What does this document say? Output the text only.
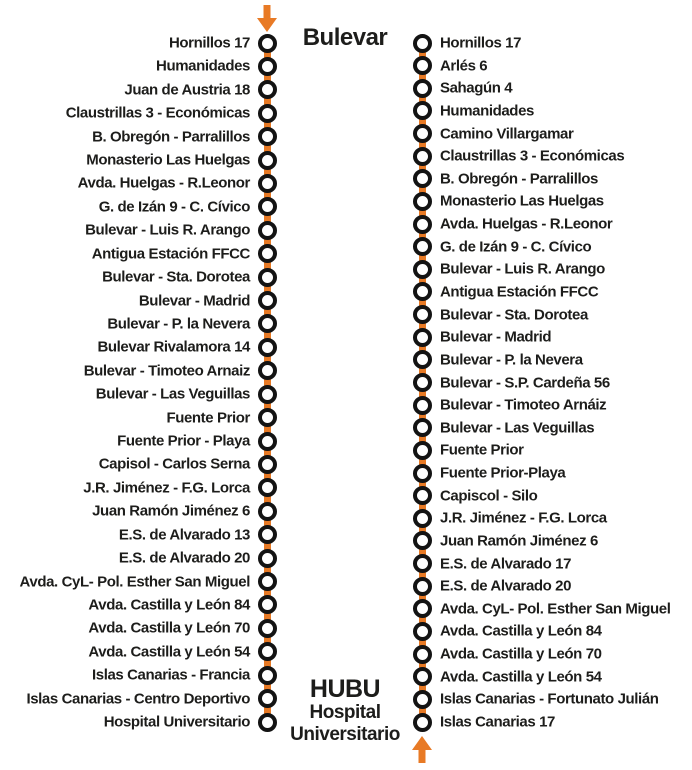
Bulevar
HUBU
Hospital
Universitario
Hornillos 17
Humanidades
Juan de Austria 18
Claustrillas 3 - Económicas
B. Obregón - Parralillos
Monasterio Las Huelgas
Avda. Huelgas - R.Leonor
G. de Izán 9 - C. Cívico
Bulevar - Luis R. Arango
Antigua Estación FFCC
Bulevar - Sta. Dorotea
Bulevar - Madrid
Bulevar - P. la Nevera
Bulevar Rivalamora 14
Bulevar - Timoteo Arnaiz
Bulevar - Las Veguillas
Fuente Prior
Fuente Prior - Playa
Capisol - Carlos Serna
J.R. Jiménez - F.G. Lorca
Juan Ramón Jiménez 6
E.S. de Alvarado 13
E.S. de Alvarado 20
Avda. CyL- Pol. Esther San Miguel
Avda. Castilla y León 84
Avda. Castilla y León 70
Avda. Castilla y León 54
Islas Canarias - Francia
Islas Canarias - Centro Deportivo
Hospital Universitario
Hornillos 17
Arlés 6
Sahagún 4
Humanidades
Camino Villargamar
Claustrillas 3 - Económicas
B. Obregón - Parralillos
Monasterio Las Huelgas
Avda. Huelgas - R.Leonor
G. de Izán 9 - C. Cívico
Bulevar - Luis R. Arango
Antigua Estación FFCC
Bulevar - Sta. Dorotea
Bulevar - Madrid
Bulevar - P. la Nevera
Bulevar - S.P. Cardeña 56
Bulevar - Timoteo Arnáiz
Bulevar - Las Veguillas
Fuente Prior
Fuente Prior-Playa
Capiscol - Silo
J.R. Jiménez - F.G. Lorca
Juan Ramón Jiménez 6
E.S. de Alvarado 17
E.S. de Alvarado 20
Avda. CyL- Pol. Esther San Miguel
Avda. Castilla y León 84
Avda. Castilla y León 70
Avda. Castilla y León 54
Islas Canarias - Fortunato Julián
Islas Canarias 17
